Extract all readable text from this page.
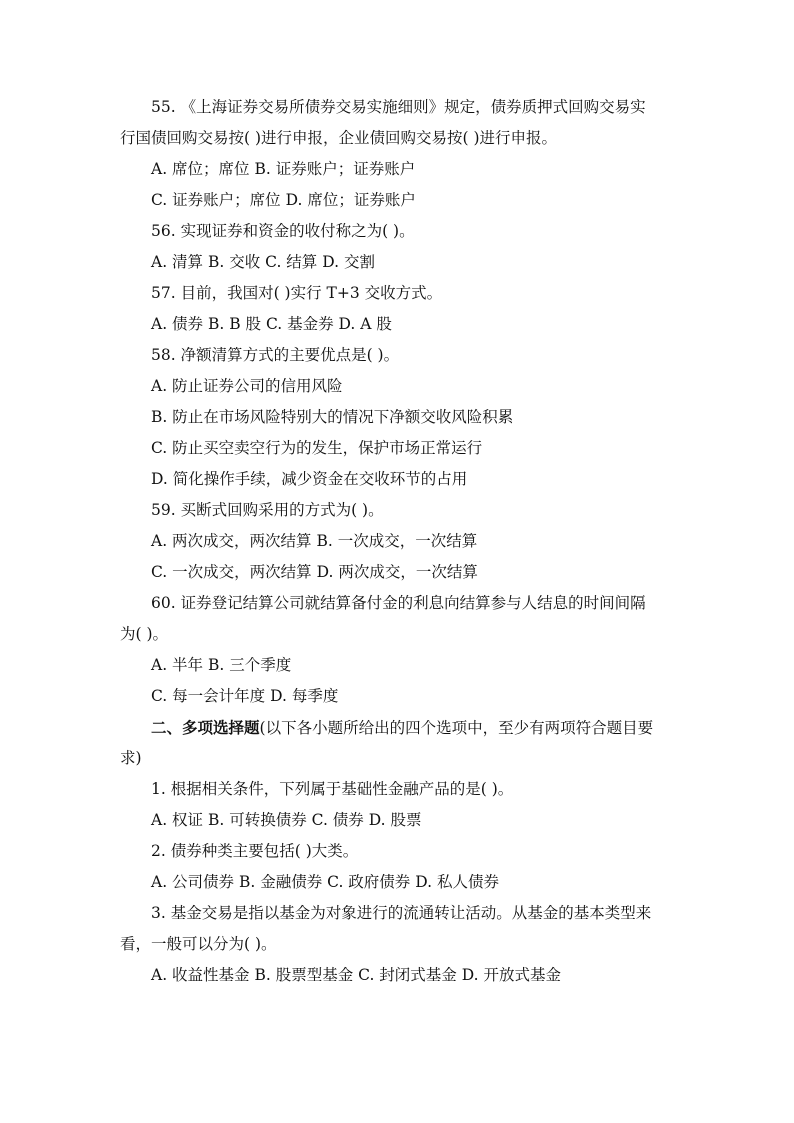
55. 《上海证券交易所债券交易实施细则》规定，债券质押式回购交易实
行国债回购交易按( )进行申报，企业债回购交易按( )进行申报。
A. 席位；席位 B. 证券账户；证券账户
C. 证券账户；席位 D. 席位；证券账户
56. 实现证券和资金的收付称之为( )。
A. 清算 B. 交收 C. 结算 D. 交割
57. 目前，我国对( )实行 T+3 交收方式。
A. 债券 B. B 股 C. 基金券 D. A 股
58. 净额清算方式的主要优点是( )。
A. 防止证券公司的信用风险
B. 防止在市场风险特别大的情况下净额交收风险积累
C. 防止买空卖空行为的发生，保护市场正常运行
D. 简化操作手续，减少资金在交收环节的占用
59. 买断式回购采用的方式为( )。
A. 两次成交，两次结算 B. 一次成交，一次结算
C. 一次成交，两次结算 D. 两次成交，一次结算
60. 证券登记结算公司就结算备付金的利息向结算参与人结息的时间间隔
为( )。
A. 半年 B. 三个季度
C. 每一会计年度 D. 每季度
二、多项选择题(以下各小题所给出的四个选项中，至少有两项符合题目要
求)
1. 根据相关条件，下列属于基础性金融产品的是( )。
A. 权证 B. 可转换债券 C. 债券 D. 股票
2. 债券种类主要包括( )大类。
A. 公司债券 B. 金融债券 C. 政府债券 D. 私人债券
3. 基金交易是指以基金为对象进行的流通转让活动。从基金的基本类型来
看，一般可以分为( )。
A. 收益性基金 B. 股票型基金 C. 封闭式基金 D. 开放式基金
